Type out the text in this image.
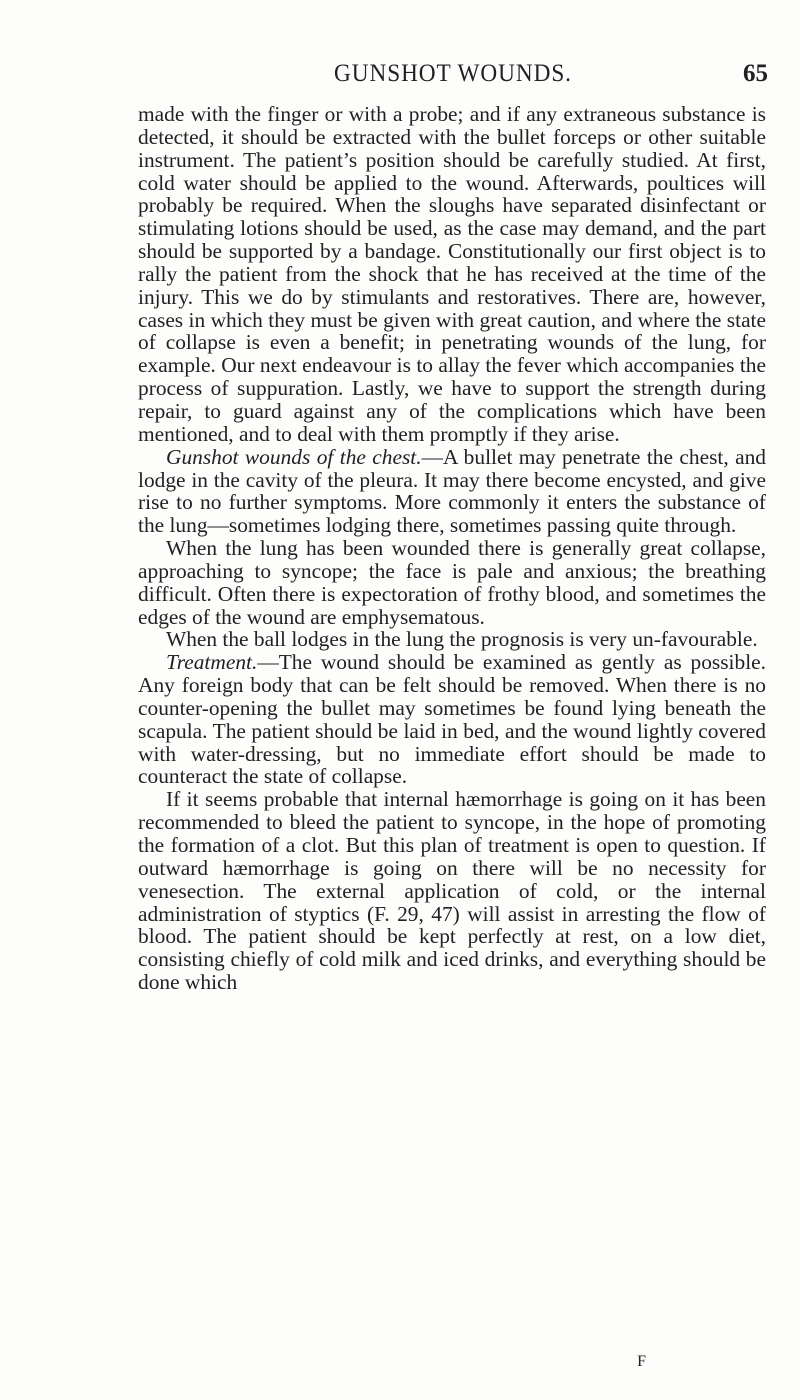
GUNSHOT WOUNDS.	65

made with the finger or with a probe; and if any extraneous substance is detected, it should be extracted with the bullet forceps or other suitable instrument. The patient’s position should be carefully studied. At first, cold water should be applied to the wound. Afterwards, poultices will probably be required. When the sloughs have separated disinfectant or stimulating lotions should be used, as the case may demand, and the part should be supported by a bandage. Constitutionally our first object is to rally the patient from the shock that he has received at the time of the injury. This we do by stimulants and restoratives. There are, however, cases in which they must be given with great caution, and where the state of collapse is even a benefit; in penetrating wounds of the lung, for example. Our next endeavour is to allay the fever which accompanies the process of suppuration. Lastly, we have to support the strength during repair, to guard against any of the complications which have been mentioned, and to deal with them promptly if they arise.

Gunshot wounds of the chest.—A bullet may penetrate the chest, and lodge in the cavity of the pleura. It may there become encysted, and give rise to no further symptoms. More commonly it enters the substance of the lung—sometimes lodging there, sometimes passing quite through.

When the lung has been wounded there is generally great collapse, approaching to syncope; the face is pale and anxious; the breathing difficult. Often there is expectoration of frothy blood, and sometimes the edges of the wound are emphysematous.

When the ball lodges in the lung the prognosis is very un-favourable.

Treatment.—The wound should be examined as gently as possible. Any foreign body that can be felt should be removed. When there is no counter-opening the bullet may sometimes be found lying beneath the scapula. The patient should be laid in bed, and the wound lightly covered with water-dressing, but no immediate effort should be made to counteract the state of collapse.

If it seems probable that internal hæmorrhage is going on it has been recommended to bleed the patient to syncope, in the hope of promoting the formation of a clot. But this plan of treatment is open to question. If outward hæmorrhage is going on there will be no necessity for venesection. The external application of cold, or the internal administration of styptics (F. 29, 47) will assist in arresting the flow of blood. The patient should be kept perfectly at rest, on a low diet, consisting chiefly of cold milk and iced drinks, and everything should be done which

F
